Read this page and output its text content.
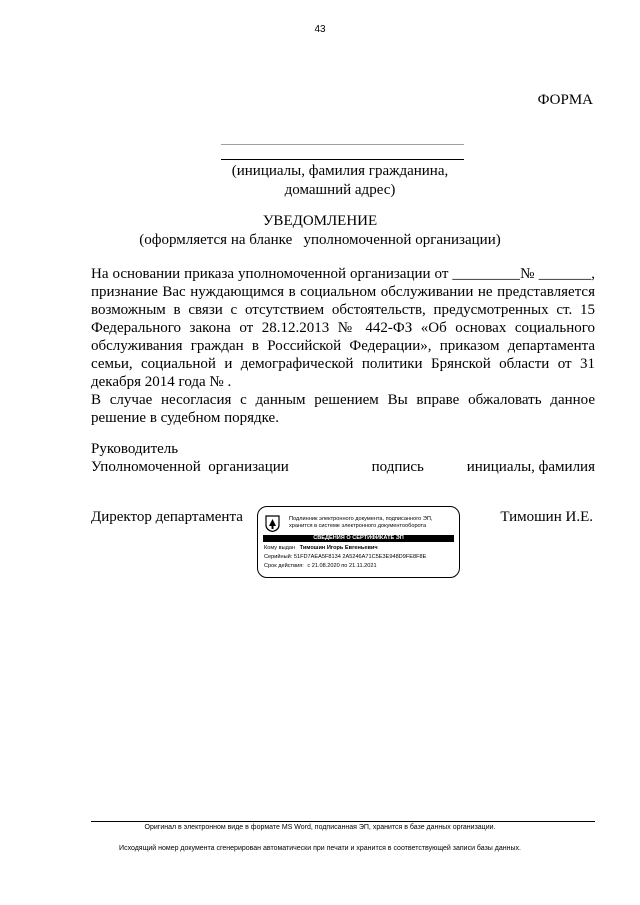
43
ФОРМА
(инициалы, фамилия гражданина,
домашний адрес)
УВЕДОМЛЕНИЕ
(оформляется на бланке   уполномоченной организации)

На основании приказа уполномоченной организации от _________№ _______, признание Вас нуждающимся в социальном обслуживании не представляется возможным в связи с отсутствием обстоятельств, предусмотренных ст. 15 Федерального закона от 28.12.2013 № 442-ФЗ «Об основах социального обслуживания граждан в Российской Федерации», приказом департамента семьи, социальной и демографической политики Брянской области от 31 декабря 2014 года № .

В случае несогласия с данным решением Вы вправе обжаловать данное решение в судебном порядке.

Руководитель
Уполномоченной  организации	подпись	инициалы, фамилия
Директор департамента	Тимошин И.Е.
Подлинник электронного документа, подписанного ЭП,
хранится в системе электронного документооборота
СВЕДЕНИЯ О СЕРТИФИКАТЕ ЭП
Кому выдан Тимошин Игорь Евгеньевич
Серийный: 51FD7AEA5F8134 2A5246A71C5E3E948D9FE8F8E
Срок действия: с 21.08.2020 по 21.11.2021
Оригинал в электронном виде в формате MS Word, подписанная ЭП, хранится в базе данных организации.
Исходящий номер документа сгенерирован автоматически при печати и хранится в соответствующей записи базы данных.
